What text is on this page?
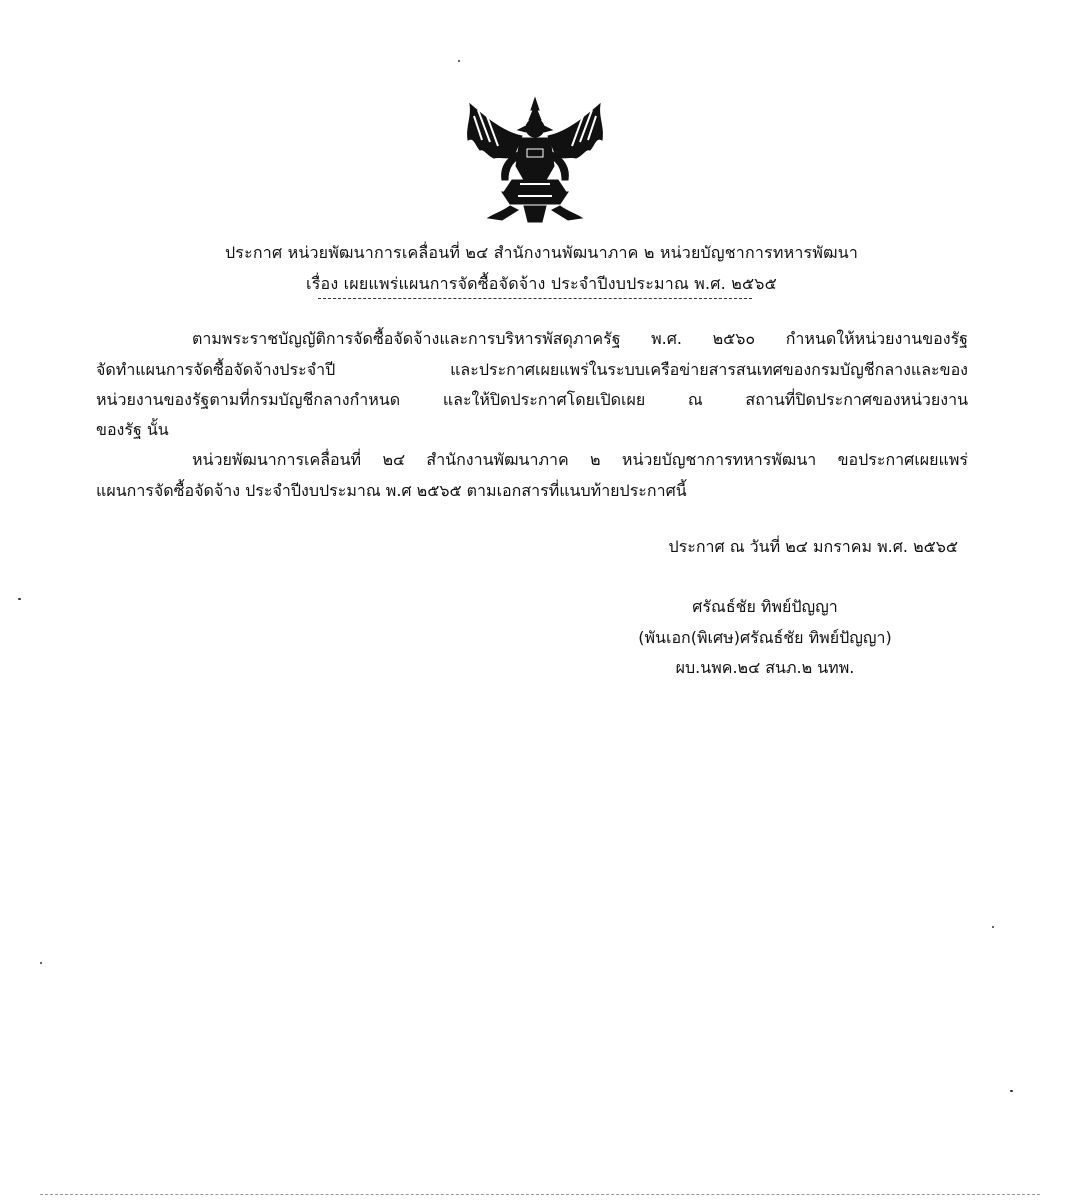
ประกาศ หน่วยพัฒนาการเคลื่อนที่ ๒๔ สำนักงานพัฒนาภาค ๒ หน่วยบัญชาการทหารพัฒนา
เรื่อง เผยแพร่แผนการจัดซื้อจัดจ้าง ประจำปีงบประมาณ พ.ศ. ๒๕๖๕
ตามพระราชบัญญัติการจัดซื้อจัดจ้างและการบริหารพัสดุภาครัฐ พ.ศ. ๒๕๖๐ กำหนดให้หน่วยงานของรัฐ
จัดทำแผนการจัดซื้อจัดจ้างประจำปี และประกาศเผยแพร่ในระบบเครือข่ายสารสนเทศของกรมบัญชีกลางและของ
หน่วยงานของรัฐตามที่กรมบัญชีกลางกำหนด และให้ปิดประกาศโดยเปิดเผย ณ สถานที่ปิดประกาศของหน่วยงาน
ของรัฐ นั้น
หน่วยพัฒนาการเคลื่อนที่ ๒๔ สำนักงานพัฒนาภาค ๒ หน่วยบัญชาการทหารพัฒนา ขอประกาศเผยแพร่
แผนการจัดซื้อจัดจ้าง ประจำปีงบประมาณ พ.ศ ๒๕๖๕ ตามเอกสารที่แนบท้ายประกาศนี้
ประกาศ ณ วันที่ ๒๔ มกราคม พ.ศ. ๒๕๖๕
ศรัณธ์ชัย ทิพย์ปัญญา
(พันเอก(พิเศษ)ศรัณธ์ชัย ทิพย์ปัญญา)
ผบ.นพค.๒๔ สนภ.๒ นทพ.
